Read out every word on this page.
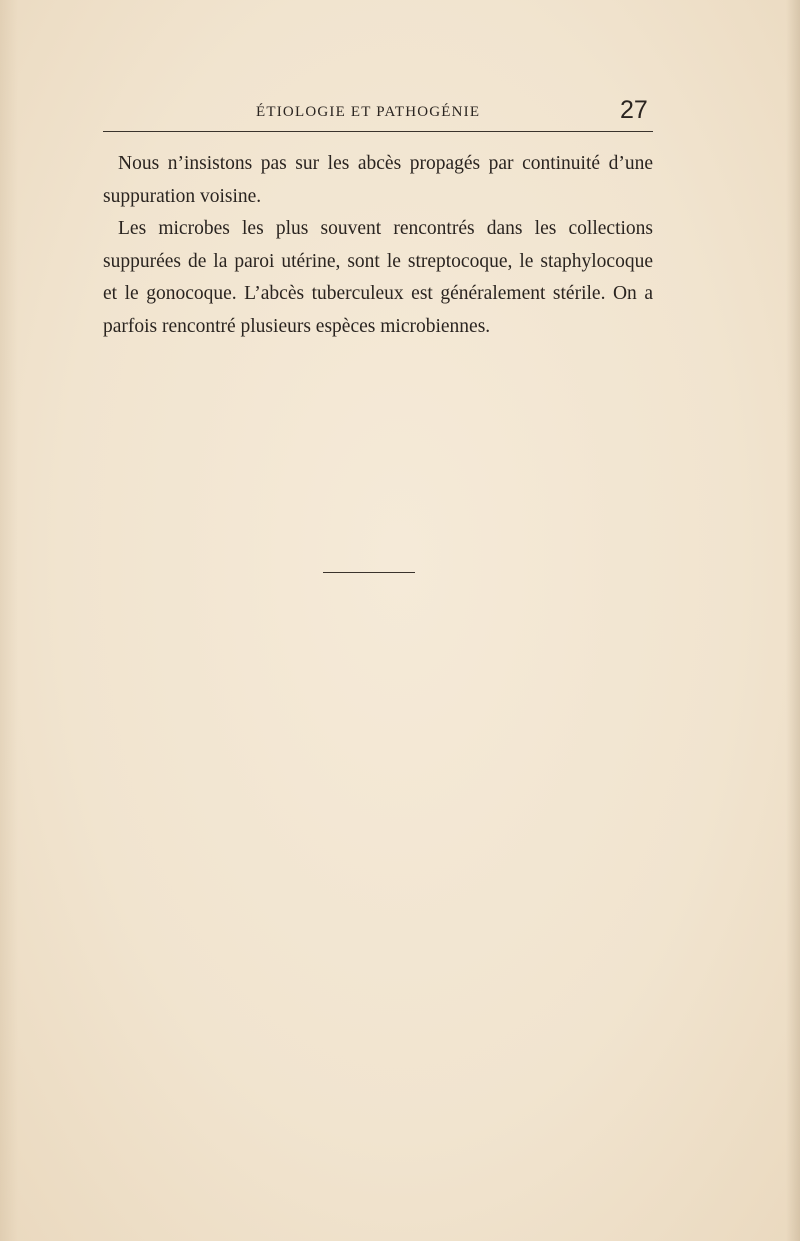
ÉTIOLOGIE ET PATHOGÉNIE	27

Nous n’insistons pas sur les abcès propagés par continuité d’une suppuration voisine.

Les microbes les plus souvent rencontrés dans les collections suppurées de la paroi utérine, sont le streptocoque, le staphylocoque et le gonocoque. L’abcès tuberculeux est généralement stérile. On a parfois rencontré plusieurs espèces microbiennes.
